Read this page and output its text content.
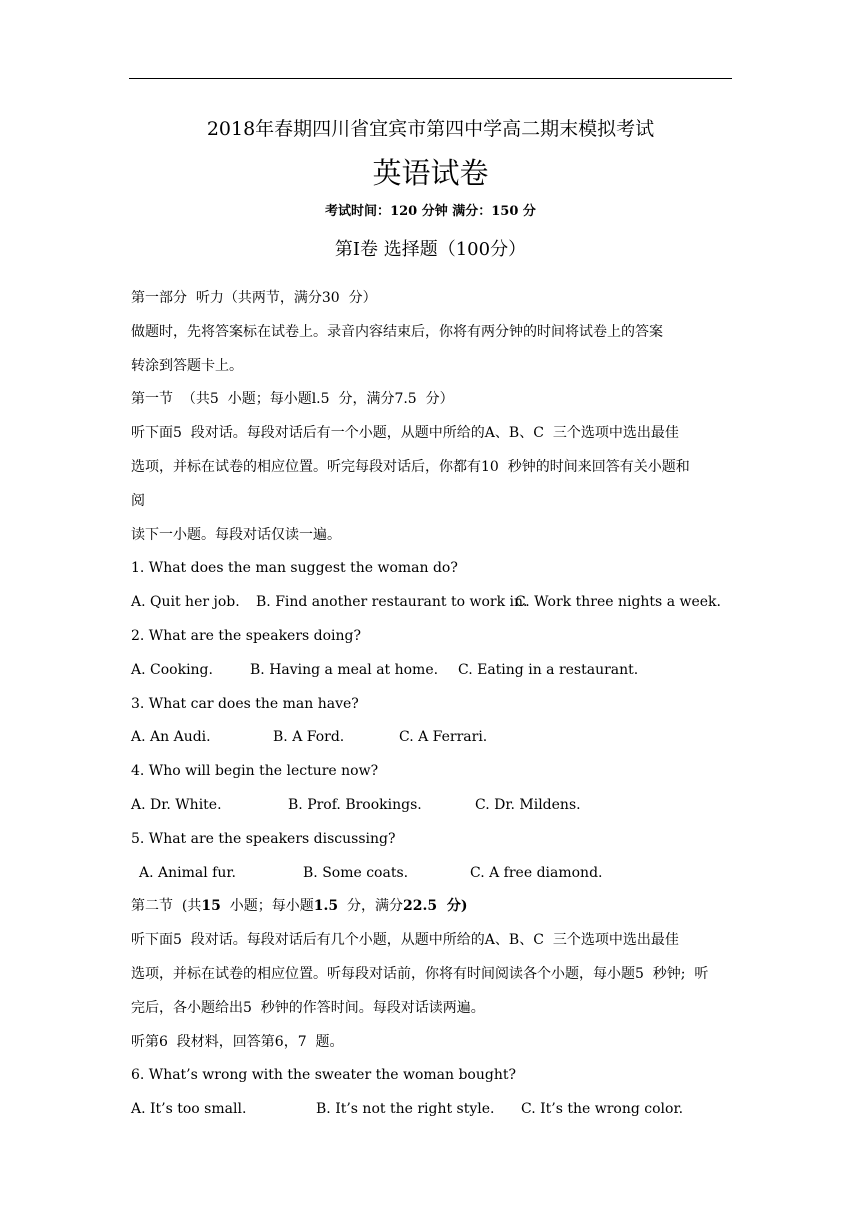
2018年春期四川省宜宾市第四中学高二期末模拟考试
英语试卷
考试时间：120 分钟 满分：150 分
第I卷 选择题（100分）
第一部分  听力（共两节，满分30  分）
做题时，先将答案标在试卷上。录音内容结束后，你将有两分钟的时间将试卷上的答案
转涂到答题卡上。
第一节  （共5  小题；每小题l.5  分，满分7.5  分）
听下面5  段对话。每段对话后有一个小题，从题中所给的A、B、C  三个选项中选出最佳
选项，并标在试卷的相应位置。听完每段对话后，你都有10  秒钟的时间来回答有关小题和
阅
读下一小题。每段对话仅读一遍。
1. What does the man suggest the woman do?
A. Quit her job. B. Find another restaurant to work in.
C. Work three nights a week.
2. What are the speakers doing?
A. Cooking.	B. Having a meal at home. C. Eating in a restaurant.
3. What car does the man have?
A. An Audi.	B. A Ford.	C. A Ferrari.
4. Who will begin the lecture now?
A. Dr. White.	B. Prof. Brookings.	C. Dr. Mildens.
5. What are the speakers discussing?
A. Animal fur.	B. Some coats.	C. A free diamond.
第二节  (共15  小题；每小题1.5  分，满分22.5  分)
听下面5  段对话。每段对话后有几个小题，从题中所给的A、B、C  三个选项中选出最佳
选项，并标在试卷的相应位置。听每段对话前，你将有时间阅读各个小题，每小题5  秒钟;  听
完后，各小题给出5  秒钟的作答时间。每段对话读两遍。
听第6  段材料，回答第6，7  题。
6. What’s wrong with the sweater the woman bought?
A. It’s too small.	B. It’s not the right style. C. It’s the wrong color.
